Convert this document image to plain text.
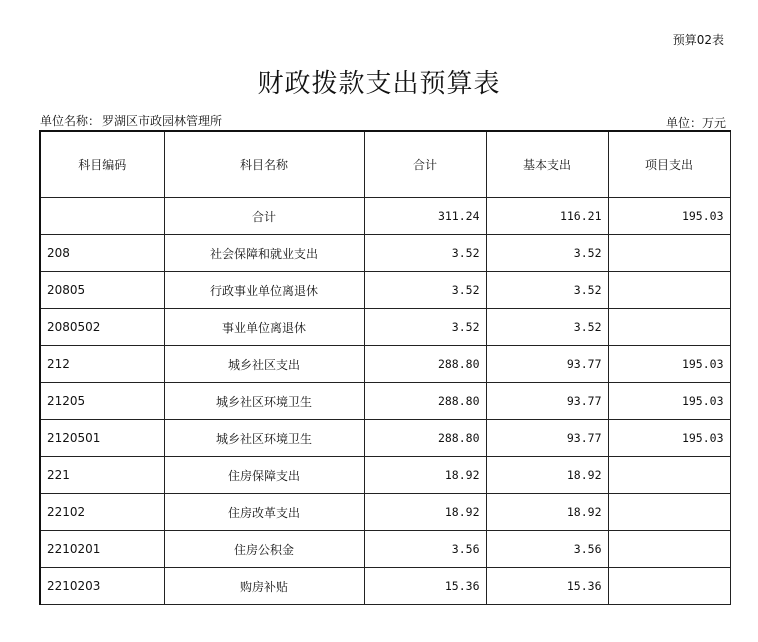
预算02表
财政拨款支出预算表
单位名称： 罗湖区市政园林管理所	单位：万元
科目编码	科目名称	合计	基本支出	项目支出
	合计	311.24	116.21	195.03
208	社会保障和就业支出	3.52	3.52	
20805	行政事业单位离退休	3.52	3.52	
2080502	事业单位离退休	3.52	3.52	
212	城乡社区支出	288.80	93.77	195.03
21205	城乡社区环境卫生	288.80	93.77	195.03
2120501	城乡社区环境卫生	288.80	93.77	195.03
221	住房保障支出	18.92	18.92	
22102	住房改革支出	18.92	18.92	
2210201	住房公积金	3.56	3.56	
2210203	购房补贴	15.36	15.36	
